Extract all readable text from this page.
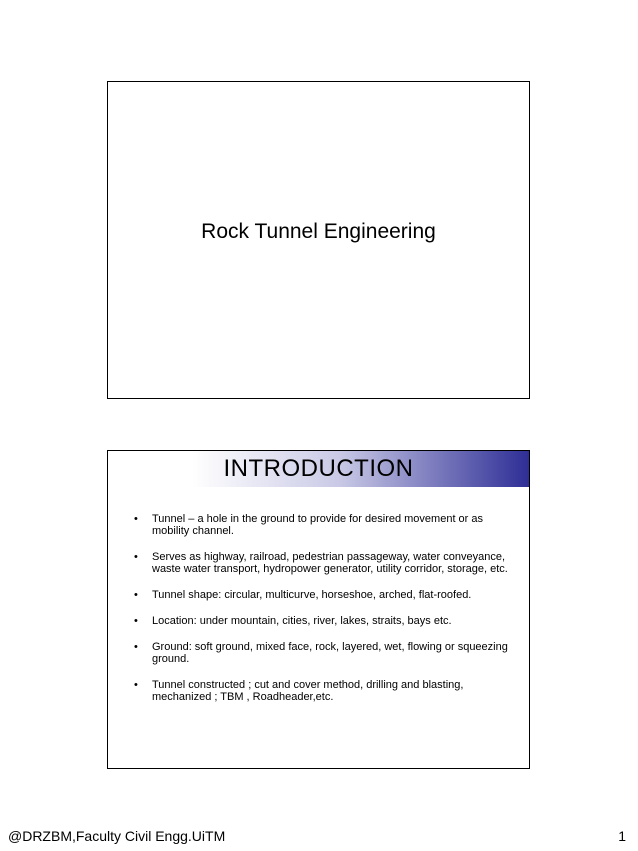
Rock Tunnel Engineering
INTRODUCTION
• Tunnel – a hole in the ground to provide for desired movement or as mobility channel.
• Serves as highway, railroad, pedestrian passageway, water conveyance, waste water transport, hydropower generator, utility corridor, storage, etc.
• Tunnel shape: circular, multicurve, horseshoe, arched, flat-roofed.
• Location: under mountain, cities, river, lakes, straits, bays etc.
• Ground: soft ground, mixed face, rock, layered, wet, flowing or squeezing ground.
• Tunnel constructed ; cut and cover method, drilling and blasting, mechanized ; TBM , Roadheader,etc.
@DRZBM,Faculty Civil Engg.UiTM	1
